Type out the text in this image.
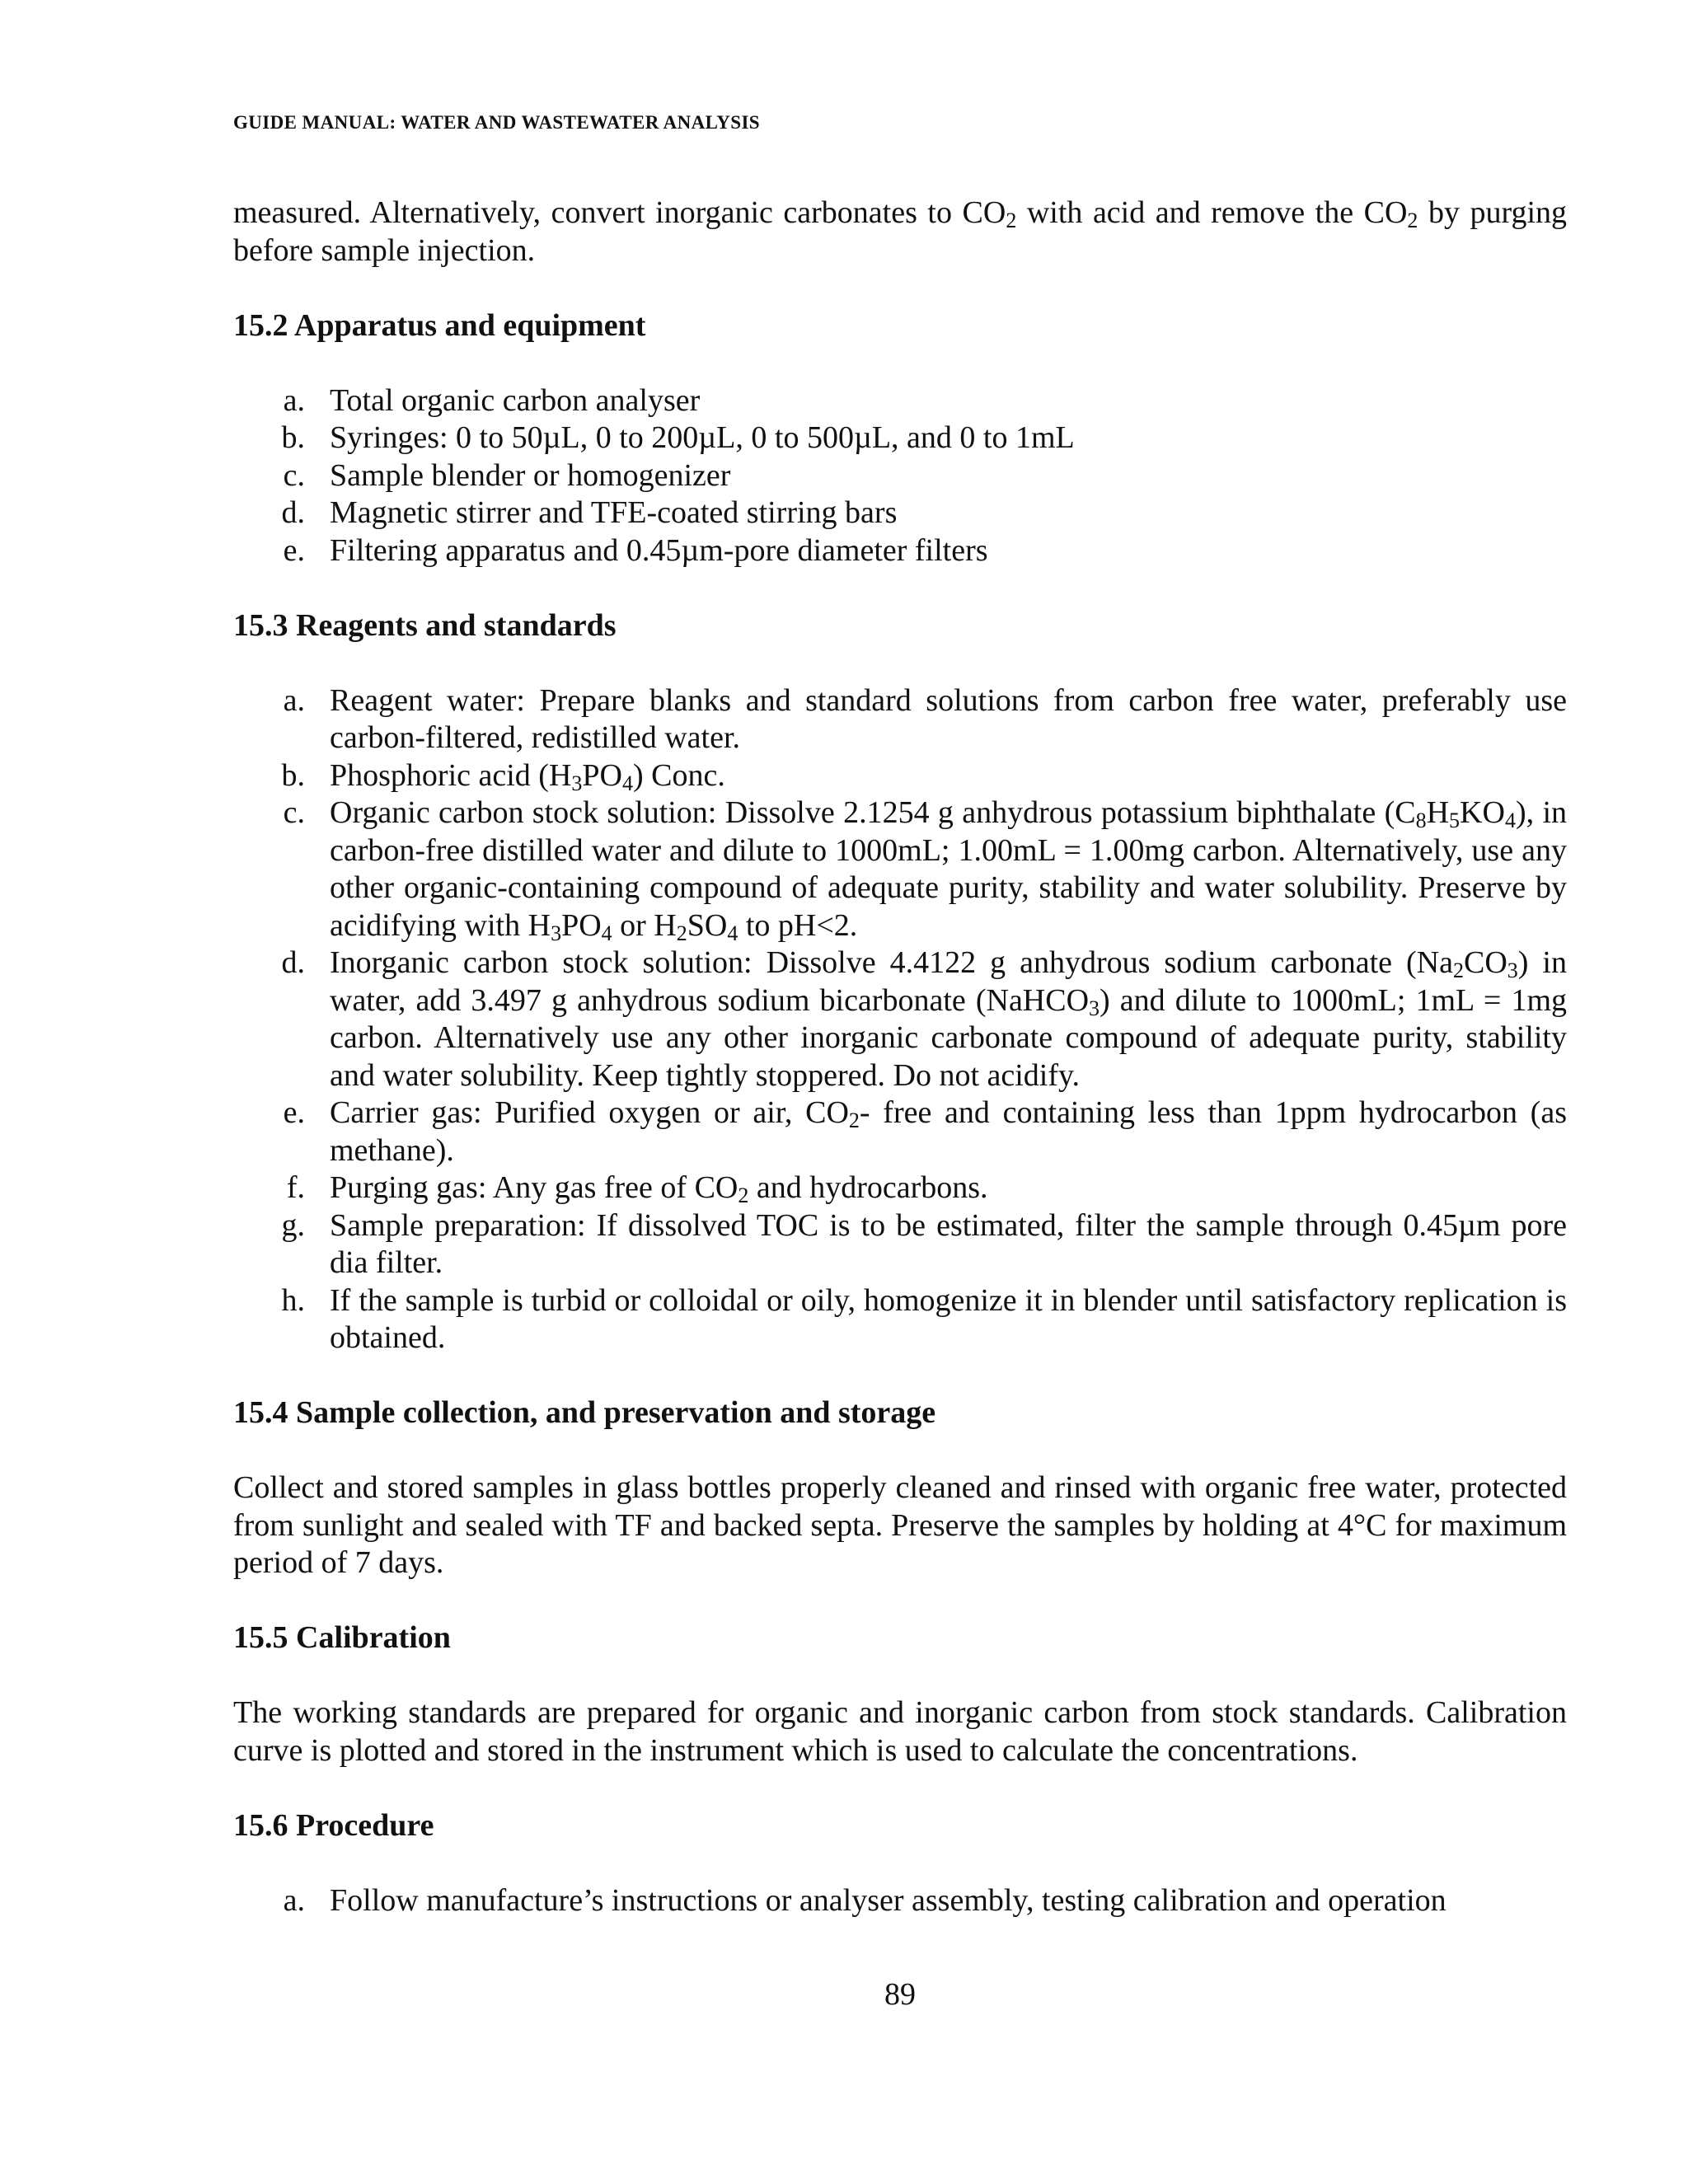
GUIDE MANUAL: WATER AND WASTEWATER ANALYSIS

measured. Alternatively, convert inorganic carbonates to $CO_2$ with acid and remove the $CO_2$ by purging before sample injection.

15.2 Apparatus and equipment
a. Total organic carbon analyser
b. Syringes: 0 to 50µL, 0 to 200µL, 0 to 500µL, and 0 to 1mL
c. Sample blender or homogenizer
d. Magnetic stirrer and TFE-coated stirring bars
e. Filtering apparatus and 0.45µm-pore diameter filters
15.3 Reagents and standards
a. Reagent water: Prepare blanks and standard solutions from carbon free water, preferably use carbon-filtered, redistilled water.
b. Phosphoric acid $(H_3PO_4)$ Conc.
c. Organic carbon stock solution: Dissolve 2.1254 g anhydrous potassium biphthalate $(C_8H_5KO_4)$, in carbon-free distilled water and dilute to 1000mL; 1.00mL = 1.00mg carbon. Alternatively, use any other organic-containing compound of adequate purity, stability and water solubility. Preserve by acidifying with $H_3PO_4$ or $H_2SO_4$ to pH<2.
d. Inorganic carbon stock solution: Dissolve 4.4122 g anhydrous sodium carbonate $(Na_2CO_3)$ in water, add 3.497 g anhydrous sodium bicarbonate (NaHCO$_3$) and dilute to 1000mL; 1mL = 1mg carbon. Alternatively use any other inorganic carbonate compound of adequate purity, stability and water solubility. Keep tightly stoppered. Do not acidify.
e. Carrier gas: Purified oxygen or air, $CO_2-$ free and containing less than 1ppm hydrocarbon (as methane).
f. Purging gas: Any gas free of $CO_2$ and hydrocarbons.
g. Sample preparation: If dissolved TOC is to be estimated, filter the sample through 0.45µm pore dia filter.
h. If the sample is turbid or colloidal or oily, homogenize it in blender until satisfactory replication is obtained.
15.4 Sample collection, and preservation and storage

Collect and stored samples in glass bottles properly cleaned and rinsed with organic free water, protected from sunlight and sealed with TF and backed septa. Preserve the samples by holding at 4°C for maximum period of 7 days.

15.5 Calibration

The working standards are prepared for organic and inorganic carbon from stock standards. Calibration curve is plotted and stored in the instrument which is used to calculate the concentrations.

15.6 Procedure
a. Follow manufacture’s instructions or analyser assembly, testing calibration and operation
89
